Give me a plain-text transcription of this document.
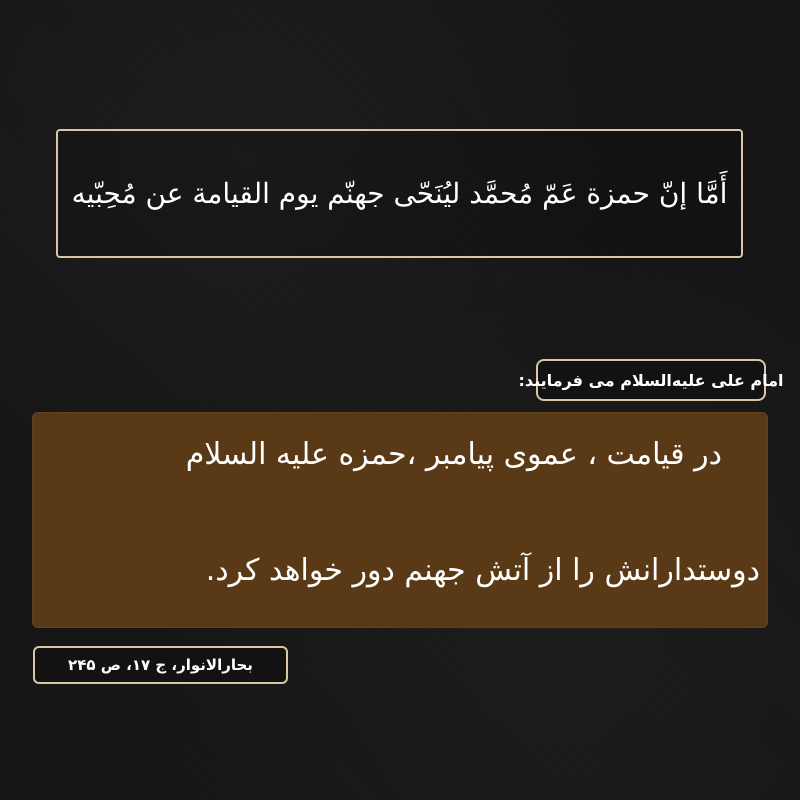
أَمَّا إنّ حمزة عَمّ مُحمَّد ليُنَحّى جهنّم يوم القيامة عن مُحِبّيه
امام علی علیه‌السلام می فرمایند:
در قیامت ، عموی پیامبر ،حمزه علیه السلام
دوستدارانش را از آتش جهنم دور خواهد کرد.
بحارالانوار، ج ۱۷، ص ۲۴۵
